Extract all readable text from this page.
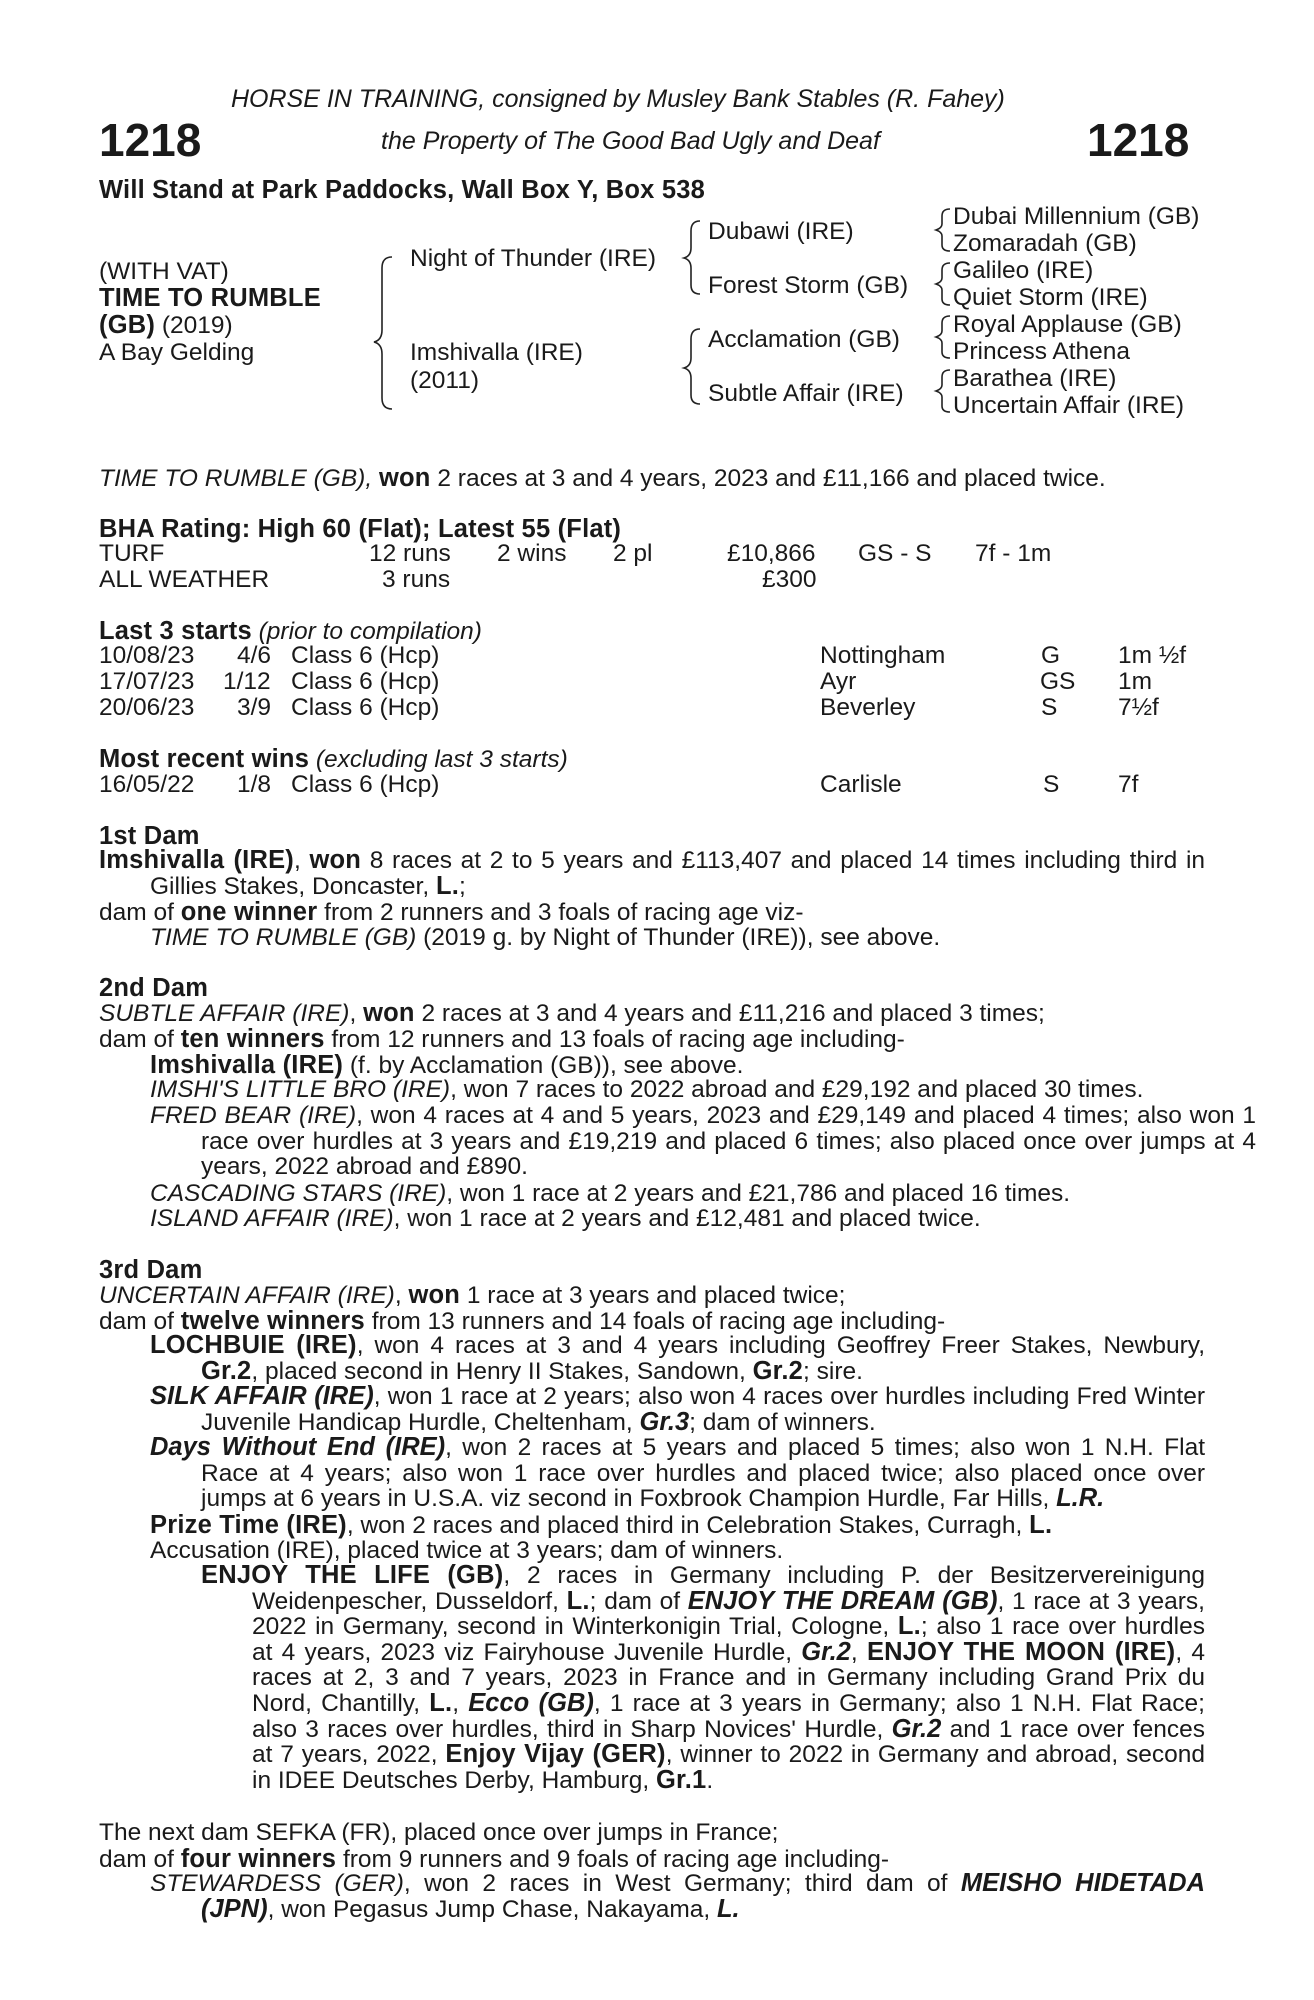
HORSE IN TRAINING, consigned by Musley Bank Stables (R. Fahey)
1218	the Property of The Good Bad Ugly and Deaf	1218
Will Stand at Park Paddocks, Wall Box Y, Box 538
(WITH VAT)
TIME TO RUMBLE
(GB) (2019)
A Bay Gelding
Night of Thunder (IRE)
Imshivalla (IRE)
(2011)
Dubawi (IRE)
Forest Storm (GB)
Acclamation (GB)
Subtle Affair (IRE)
Dubai Millennium (GB)
Zomaradah (GB)
Galileo (IRE)
Quiet Storm (IRE)
Royal Applause (GB)
Princess Athena
Barathea (IRE)
Uncertain Affair (IRE)
TIME TO RUMBLE (GB), won 2 races at 3 and 4 years, 2023 and £11,166 and placed twice.
BHA Rating: High 60 (Flat); Latest 55 (Flat)
TURF	12 runs 2 wins 2 pl	£10,866 GS - S 7f - 1m
ALL WEATHER	3 runs	£300
Last 3 starts (prior to compilation)
10/08/23 4/6 Class 6 (Hcp)	Nottingham	G 1m ½f
17/07/23 1/12 Class 6 (Hcp)	Ayr	GS 1m
20/06/23 3/9 Class 6 (Hcp)	Beverley	S 7½f
Most recent wins (excluding last 3 starts)
16/05/22 1/8 Class 6 (Hcp)	Carlisle	S 7f
1st Dam

Imshivalla (IRE), won 8 races at 2 to 5 years and £113,407 and placed 14 times including third in Gillies Stakes, Doncaster, L.;

dam of one winner from 2 runners and 3 foals of racing age viz-
TIME TO RUMBLE (GB) (2019 g. by Night of Thunder (IRE)), see above.
2nd Dam
SUBTLE AFFAIR (IRE), won 2 races at 3 and 4 years and £11,216 and placed 3 times;
dam of ten winners from 12 runners and 13 foals of racing age including-
Imshivalla (IRE) (f. by Acclamation (GB)), see above.
IMSHI'S LITTLE BRO (IRE), won 7 races to 2022 abroad and £29,192 and placed 30 times.

FRED BEAR (IRE), won 4 races at 4 and 5 years, 2023 and £29,149 and placed 4 times; also won 1 race over hurdles at 3 years and £19,219 and placed 6 times; also placed once over jumps at 4 years, 2022 abroad and £890.

CASCADING STARS (IRE), won 1 race at 2 years and £21,786 and placed 16 times.
ISLAND AFFAIR (IRE), won 1 race at 2 years and £12,481 and placed twice.
3rd Dam
UNCERTAIN AFFAIR (IRE), won 1 race at 3 years and placed twice;
dam of twelve winners from 13 runners and 14 foals of racing age including-

LOCHBUIE (IRE), won 4 races at 3 and 4 years including Geoffrey Freer Stakes, Newbury, Gr.2, placed second in Henry II Stakes, Sandown, Gr.2; sire.

SILK AFFAIR (IRE), won 1 race at 2 years; also won 4 races over hurdles including Fred Winter Juvenile Handicap Hurdle, Cheltenham, Gr.3; dam of winners.

Days Without End (IRE), won 2 races at 5 years and placed 5 times; also won 1 N.H. Flat Race at 4 years; also won 1 race over hurdles and placed twice; also placed once over jumps at 6 years in U.S.A. viz second in Foxbrook Champion Hurdle, Far Hills, L.R.

Prize Time (IRE), won 2 races and placed third in Celebration Stakes, Curragh, L.
Accusation (IRE), placed twice at 3 years; dam of winners.

ENJOY THE LIFE (GB), 2 races in Germany including P. der Besitzervereinigung Weidenpescher, Dusseldorf, L.; dam of ENJOY THE DREAM (GB), 1 race at 3 years, 2022 in Germany, second in Winterkonigin Trial, Cologne, L.; also 1 race over hurdles at 4 years, 2023 viz Fairyhouse Juvenile Hurdle, Gr.2, ENJOY THE MOON (IRE), 4 races at 2, 3 and 7 years, 2023 in France and in Germany including Grand Prix du Nord, Chantilly, L., Ecco (GB), 1 race at 3 years in Germany; also 1 N.H. Flat Race; also 3 races over hurdles, third in Sharp Novices' Hurdle, Gr.2 and 1 race over fences at 7 years, 2022, Enjoy Vijay (GER), winner to 2022 in Germany and abroad, second in IDEE Deutsches Derby, Hamburg, Gr.1.

The next dam SEFKA (FR), placed once over jumps in France;
dam of four winners from 9 runners and 9 foals of racing age including-

STEWARDESS (GER), won 2 races in West Germany; third dam of MEISHO HIDETADA (JPN), won Pegasus Jump Chase, Nakayama, L.
